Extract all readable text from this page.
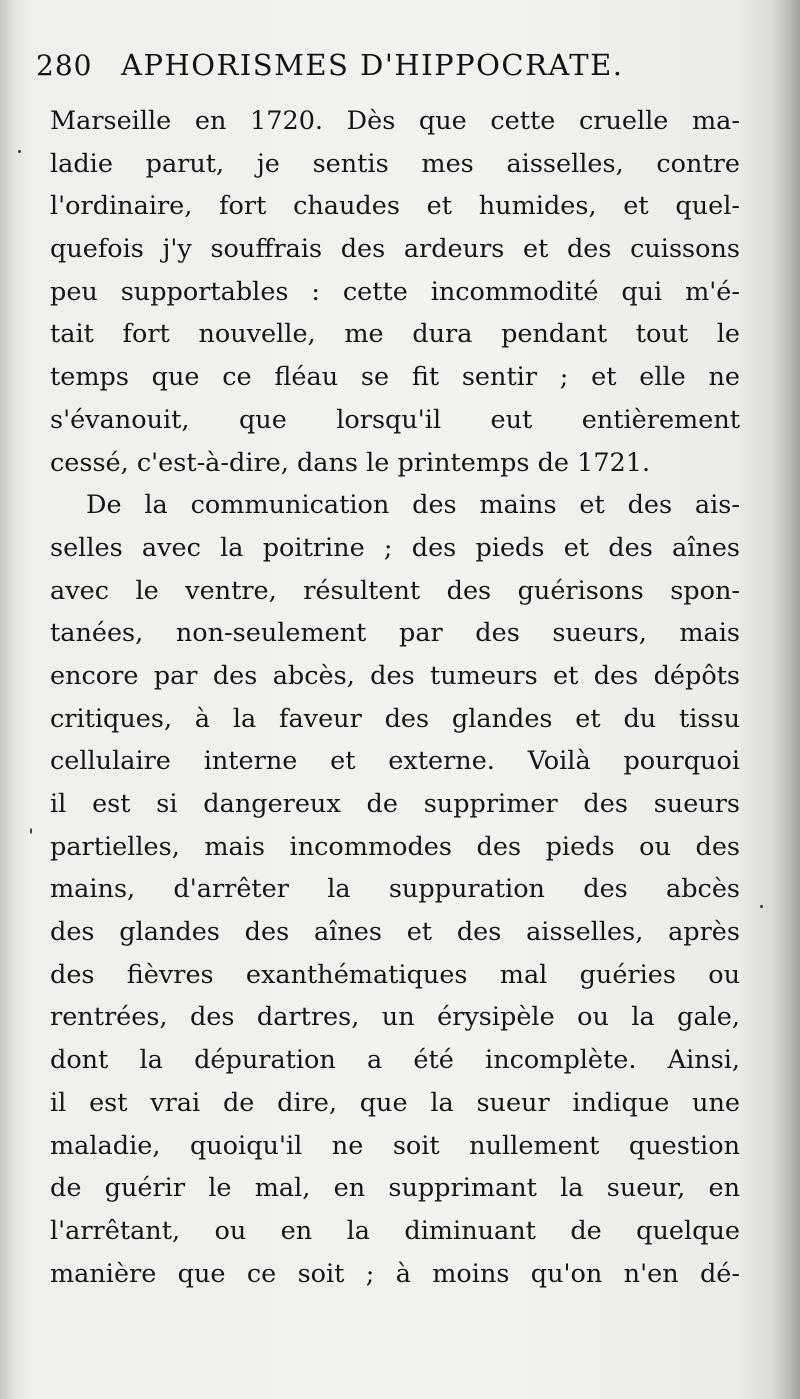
280 APHORISMES D'HIPPOCRATE.
Marseille en 1720. Dès que cette cruelle ma-
ladie parut, je sentis mes aisselles, contre
l'ordinaire, fort chaudes et humides, et quel-
quefois j'y souffrais des ardeurs et des cuissons
peu supportables : cette incommodité qui m'é-
tait fort nouvelle, me dura pendant tout le
temps que ce fléau se fit sentir ; et elle ne
s'évanouit, que lorsqu'il eut entièrement
cessé, c'est-à-dire, dans le printemps de 1721.
De la communication des mains et des ais-
selles avec la poitrine ; des pieds et des aînes
avec le ventre, résultent des guérisons spon-
tanées, non-seulement par des sueurs, mais
encore par des abcès, des tumeurs et des dépôts
critiques, à la faveur des glandes et du tissu
cellulaire interne et externe. Voilà pourquoi
il est si dangereux de supprimer des sueurs
partielles, mais incommodes des pieds ou des
mains, d'arrêter la suppuration des abcès
des glandes des aînes et des aisselles, après
des fièvres exanthématiques mal guéries ou
rentrées, des dartres, un érysipèle ou la gale,
dont la dépuration a été incomplète. Ainsi,
il est vrai de dire, que la sueur indique une
maladie, quoiqu'il ne soit nullement question
de guérir le mal, en supprimant la sueur, en
l'arrêtant, ou en la diminuant de quelque
manière que ce soit ; à moins qu'on n'en dé-
